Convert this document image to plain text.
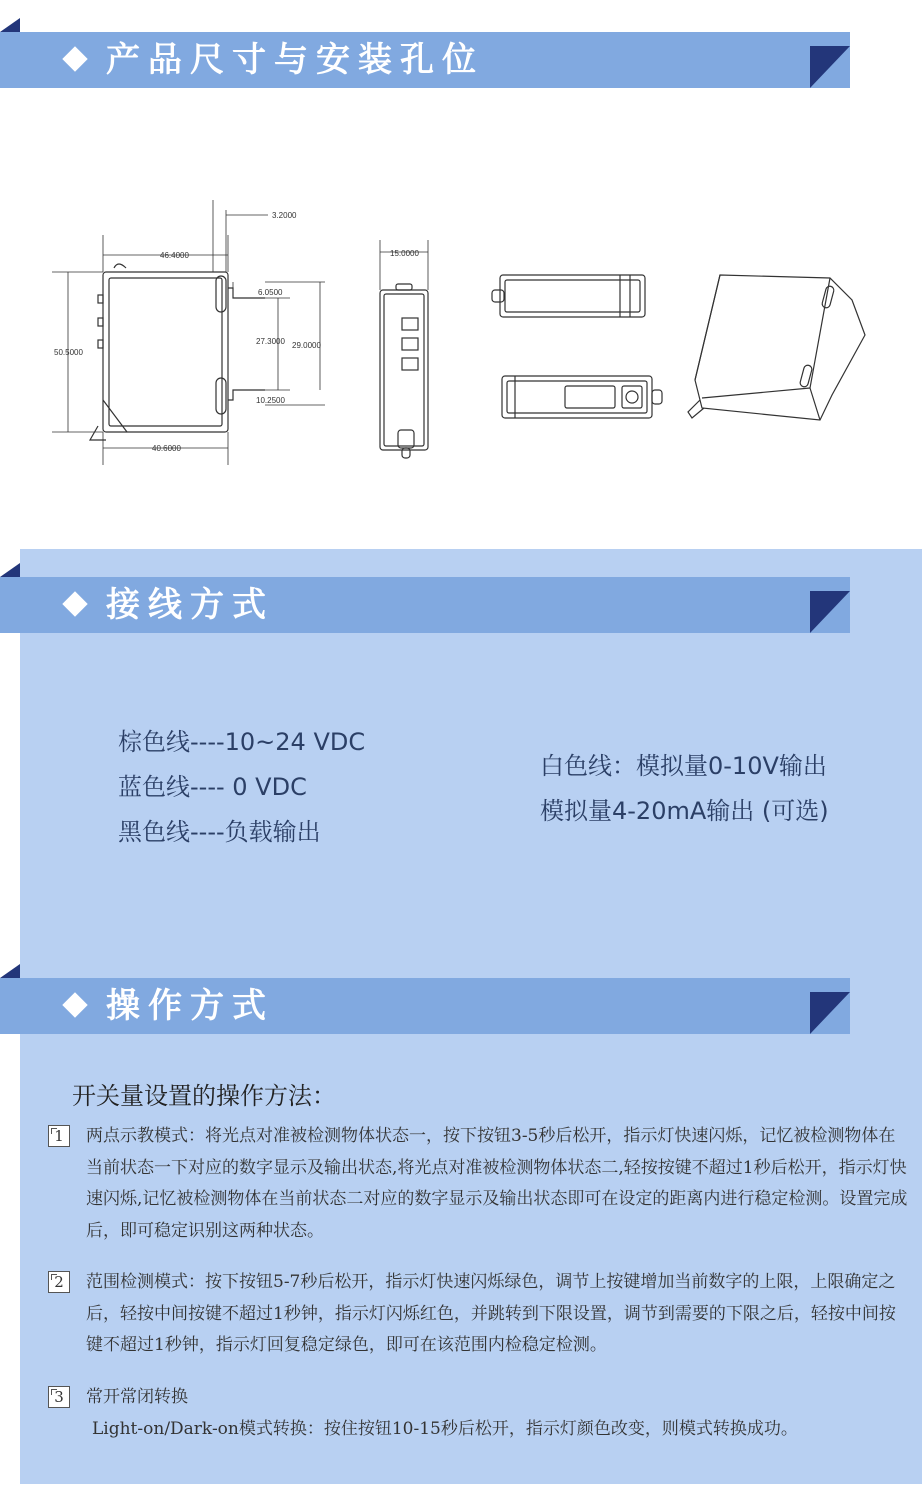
产品尺寸与安装孔位
3.2000
46.4000
50.5000
6.0500
27.3000 29.0000
10.2500
40.6000
15.0000
接线方式
棕色线----10~24 VDC
蓝色线---- 0 VDC
黑色线----负载输出
白色线：模拟量0-10V输出
模拟量4-20mA输出 (可选)
操作方式
开关量设置的操作方法：
1	两点示教模式：将光点对准被检测物体状态一，按下按钮3-5秒后松开，指示灯快速闪烁，记忆被检测物体在当前状态一下对应的数字显示及输出状态,将光点对准被检测物体状态二,轻按按键不超过1秒后松开，指示灯快速闪烁,记忆被检测物体在当前状态二对应的数字显示及输出状态即可在设定的距离内进行稳定检测。设置完成后，即可稳定识别这两种状态。
2	范围检测模式：按下按钮5-7秒后松开，指示灯快速闪烁绿色，调节上按键增加当前数字的上限，上限确定之后，轻按中间按键不超过1秒钟，指示灯闪烁红色，并跳转到下限设置，调节到需要的下限之后，轻按中间按键不超过1秒钟，指示灯回复稳定绿色，即可在该范围内检稳定检测。
3	常开常闭转换
Light-on/Dark-on模式转换：按住按钮10-15秒后松开，指示灯颜色改变，则模式转换成功。
